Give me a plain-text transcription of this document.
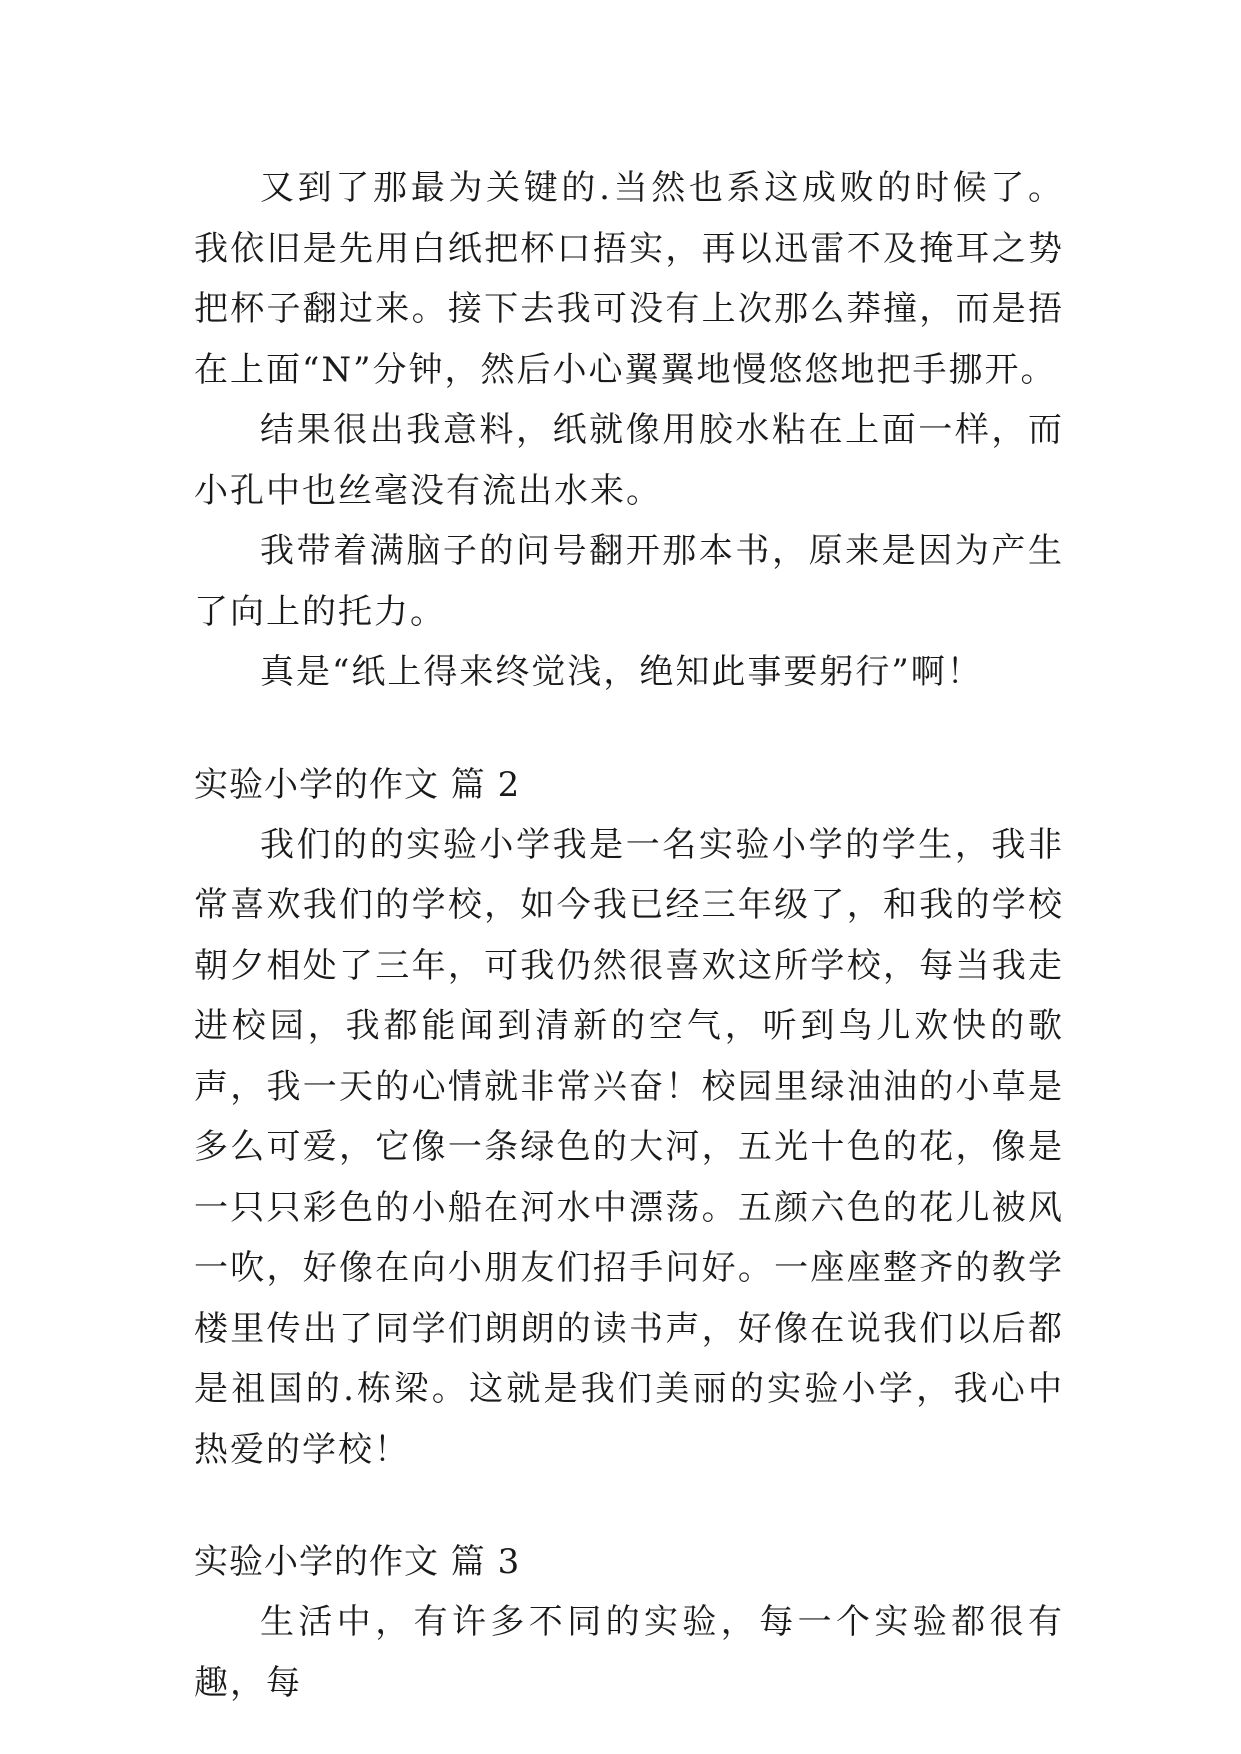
又到了那最为关键的.当然也系这成败的时候了。我依旧是先用白纸把杯口捂实，再以迅雷不及掩耳之势把杯子翻过来。接下去我可没有上次那么莽撞，而是捂在上面“N”分钟，然后小心翼翼地慢悠悠地把手挪开。

结果很出我意料，纸就像用胶水粘在上面一样，而小孔中也丝毫没有流出水来。

我带着满脑子的问号翻开那本书，原来是因为产生了向上的托力。

真是“纸上得来终觉浅，绝知此事要躬行”啊！

实验小学的作文 篇 2

我们的的实验小学我是一名实验小学的学生，我非常喜欢我们的学校，如今我已经三年级了，和我的学校朝夕相处了三年，可我仍然很喜欢这所学校，每当我走进校园，我都能闻到清新的空气，听到鸟儿欢快的歌声，我一天的心情就非常兴奋！校园里绿油油的小草是多么可爱，它像一条绿色的大河，五光十色的花，像是一只只彩色的小船在河水中漂荡。五颜六色的花儿被风一吹，好像在向小朋友们招手问好。一座座整齐的教学楼里传出了同学们朗朗的读书声，好像在说我们以后都是祖国的.栋梁。这就是我们美丽的实验小学，我心中热爱的学校！

实验小学的作文 篇 3

生活中，有许多不同的实验，每一个实验都很有趣，每
